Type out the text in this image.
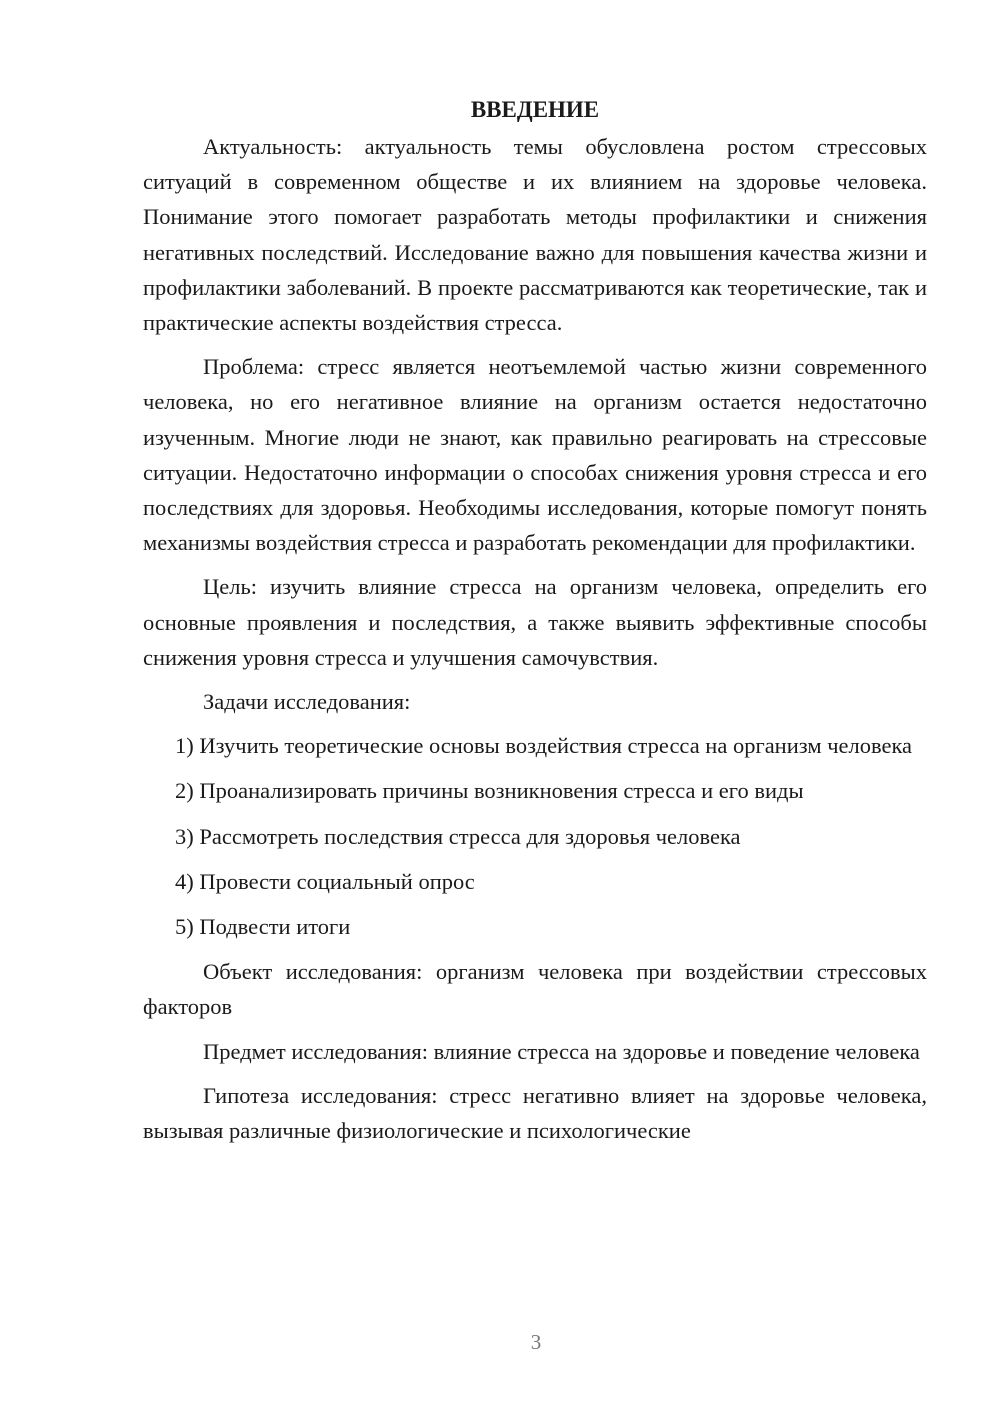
ВВЕДЕНИЕ

Актуальность: актуальность темы обусловлена ростом стрессовых ситуаций в современном обществе и их влиянием на здоровье человека. Понимание этого помогает разработать методы профилактики и снижения негативных последствий. Исследование важно для повышения качества жизни и профилактики заболеваний. В проекте рассматриваются как теоретические, так и практические аспекты воздействия стресса.

Проблема: стресс является неотъемлемой частью жизни современного человека, но его негативное влияние на организм остается недостаточно изученным. Многие люди не знают, как правильно реагировать на стрессовые ситуации. Недостаточно информации о способах снижения уровня стресса и его последствиях для здоровья. Необходимы исследования, которые помогут понять механизмы воздействия стресса и разработать рекомендации для профилактики.

Цель: изучить влияние стресса на организм человека, определить его основные проявления и последствия, а также выявить эффективные способы снижения уровня стресса и улучшения самочувствия.

Задачи исследования:

1) Изучить теоретические основы воздействия стресса на организм человека
2) Проанализировать причины возникновения стресса и его виды
3) Рассмотреть последствия стресса для здоровья человека
4) Провести социальный опрос
5) Подвести итоги

Объект исследования: организм человека при воздействии стрессовых факторов

Предмет исследования: влияние стресса на здоровье и поведение человека

Гипотеза исследования: стресс негативно влияет на здоровье человека, вызывая различные физиологические и психологические

3
